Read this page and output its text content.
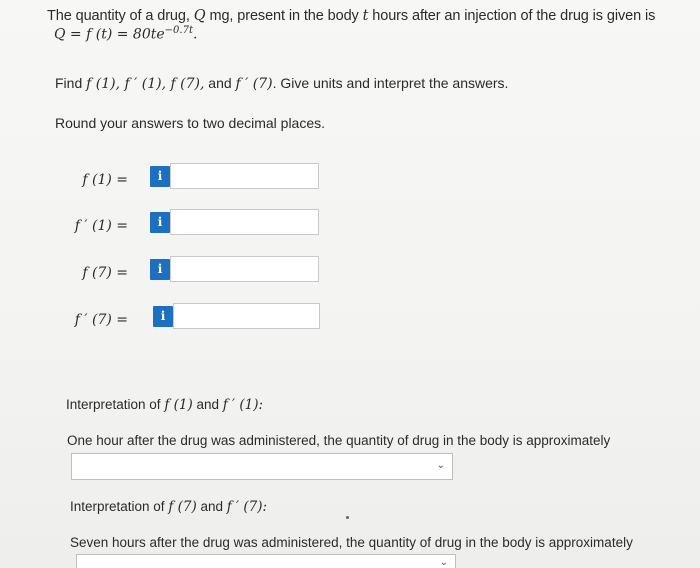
The quantity of a drug, Q mg, present in the body t hours after an injection of the drug is given is
Q = f $(t) = 80te^{-0.7t}$.
Find f (1), f ′ (1), f (7), and f ′ (7). Give units and interpret the answers.
Round your answers to two decimal places.
f (1) =	i
f ′ (1) =	i
f (7) =	i
f ′ (7) =	i
Interpretation of f (1) and f ′ (1):
One hour after the drug was administered, the quantity of drug in the body is approximately
⌄
Interpretation of f (7) and f ′ (7):
Seven hours after the drug was administered, the quantity of drug in the body is approximately
⌄
